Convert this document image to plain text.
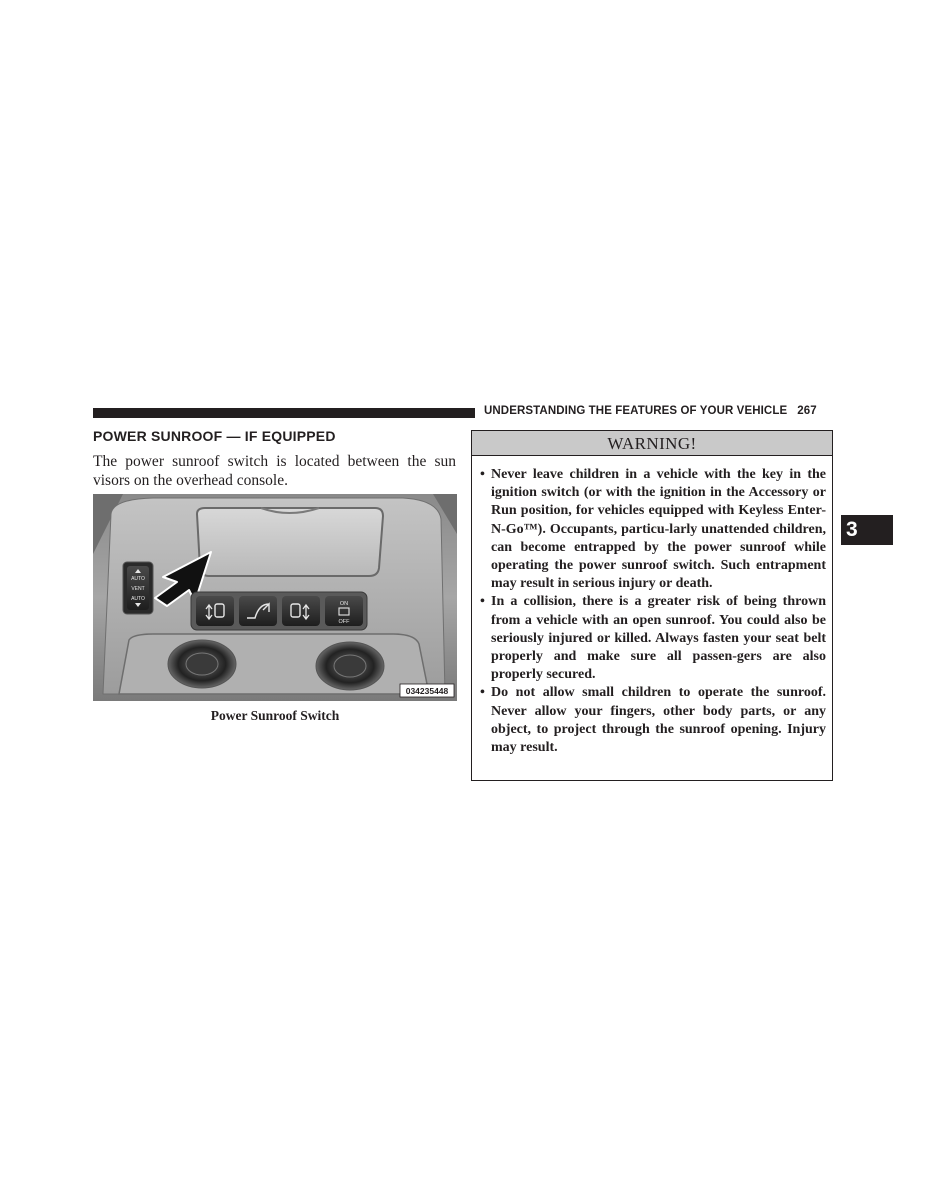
UNDERSTANDING THE FEATURES OF YOUR VEHICLE 267
3
POWER SUNROOF — IF EQUIPPED
The power sunroof switch is located between the sun visors on the overhead console.
AUTO
VENT
AUTO
ON
OFF
034235448
Power Sunroof Switch
WARNING!
• Never leave children in a vehicle with the key in the ignition switch (or with the ignition in the Accessory or Run position, for vehicles equipped with Keyless Enter-N-Go™). Occupants, particu-larly unattended children, can become entrapped by the power sunroof while operating the power sunroof switch. Such entrapment may result in serious injury or death.
• In a collision, there is a greater risk of being thrown from a vehicle with an open sunroof. You could also be seriously injured or killed. Always fasten your seat belt properly and make sure all passen-gers are also properly secured.
• Do not allow small children to operate the sunroof. Never allow your fingers, other body parts, or any object, to project through the sunroof opening. Injury may result.
